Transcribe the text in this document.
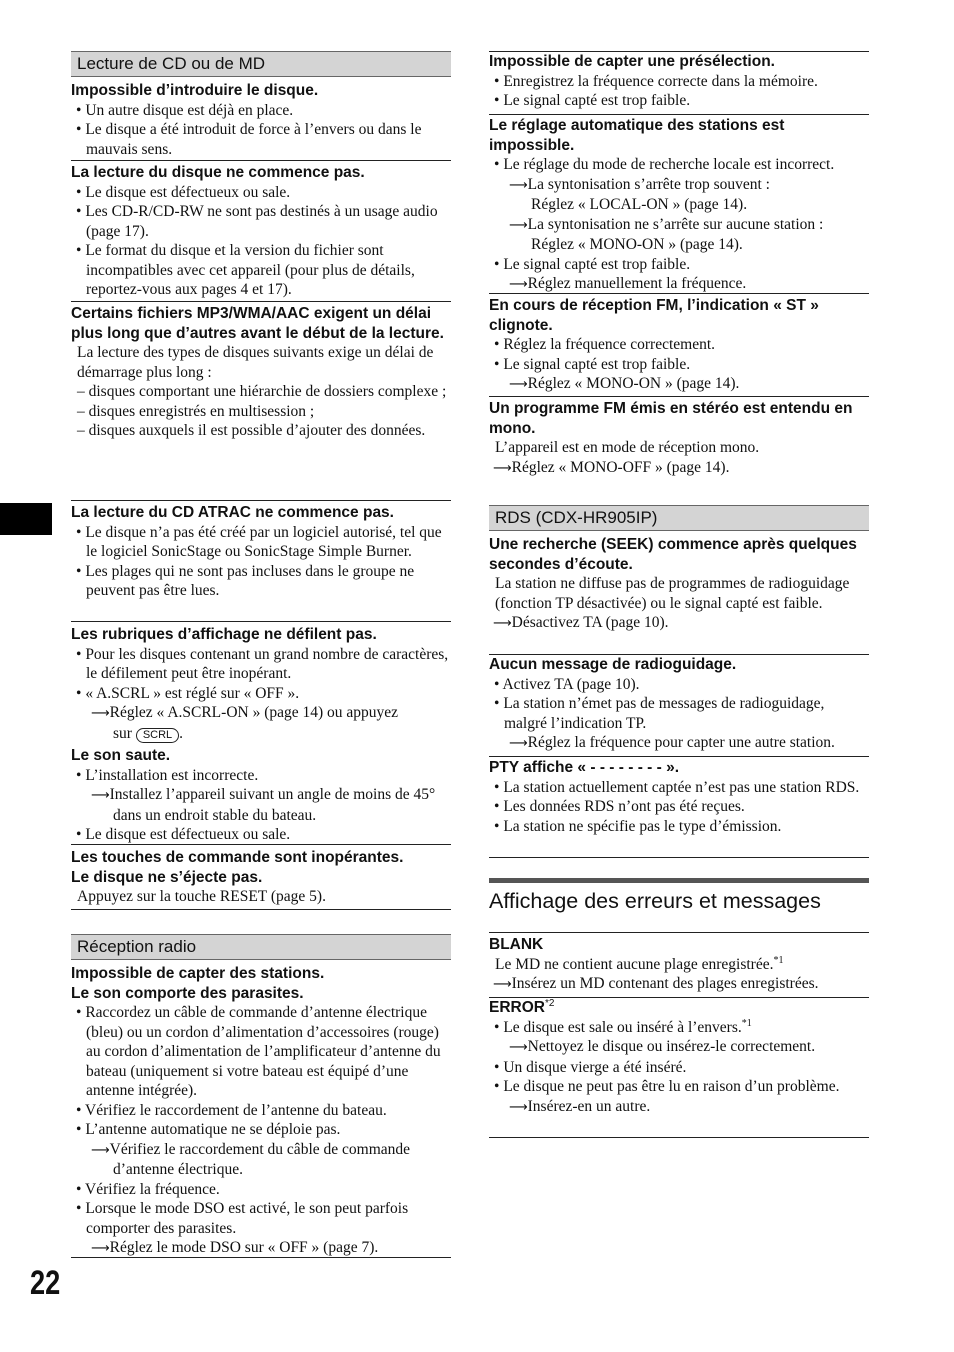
22
Lecture de CD ou de MD

Impossible d’introduire le disque.

• Un autre disque est déjà en place.

• Le disque a été introduit de force à l’envers ou dans le mauvais sens.

La lecture du disque ne commence pas.

• Le disque est défectueux ou sale.

• Les CD-R/CD-RW ne sont pas destinés à un usage audio (page 17).

• Le format du disque et la version du fichier sont incompatibles avec cet appareil (pour plus de détails, reportez-vous aux pages 4 et 17).

Certains fichiers MP3/WMA/AAC exigent un délai plus long que d’autres avant le début de la lecture.

La lecture des types de disques suivants exige un délai de démarrage plus long :

– disques comportant une hiérarchie de dossiers complexe ;

– disques enregistrés en multisession ;

– disques auxquels il est possible d’ajouter des données.

La lecture du CD ATRAC ne commence pas.

• Le disque n’a pas été créé par un logiciel autorisé, tel que le logiciel SonicStage ou SonicStage Simple Burner.

• Les plages qui ne sont pas incluses dans le groupe ne peuvent pas être lues.

Les rubriques d’affichage ne défilent pas.

• Pour les disques contenant un grand nombre de caractères, le défilement peut être inopérant.

• « A.SCRL » est réglé sur « OFF ».

⟶Réglez « A.SCRL-ON » (page 14) ou appuyez

sur SCRL .

Le son saute.

• L’installation est incorrecte.

⟶Installez l’appareil suivant un angle de moins de 45° dans un endroit stable du bateau.

• Le disque est défectueux ou sale.

Les touches de commande sont inopérantes.

Le disque ne s’éjecte pas.

Appuyez sur la touche RESET (page 5).

Réception radio

Impossible de capter des stations.

Le son comporte des parasites.

• Raccordez un câble de commande d’antenne électrique (bleu) ou un cordon d’alimentation d’accessoires (rouge) au cordon d’alimentation de l’amplificateur d’antenne du bateau (uniquement si votre bateau est équipé d’une antenne intégrée).

• Vérifiez le raccordement de l’antenne du bateau.

• L’antenne automatique ne se déploie pas.

⟶Vérifiez le raccordement du câble de commande d’antenne électrique.

• Vérifiez la fréquence.

• Lorsque le mode DSO est activé, le son peut parfois comporter des parasites.

⟶Réglez le mode DSO sur « OFF » (page 7).

Impossible de capter une présélection.

• Enregistrez la fréquence correcte dans la mémoire.

• Le signal capté est trop faible.

Le réglage automatique des stations est impossible.

• Le réglage du mode de recherche locale est incorrect.

⟶La syntonisation s’arrête trop souvent :

Réglez « LOCAL-ON » (page 14).

⟶La syntonisation ne s’arrête sur aucune station :

Réglez « MONO-ON » (page 14).

• Le signal capté est trop faible.

⟶Réglez manuellement la fréquence.

En cours de réception FM, l’indication « ST » clignote.

• Réglez la fréquence correctement.

• Le signal capté est trop faible.

⟶Réglez « MONO-ON » (page 14).

Un programme FM émis en stéréo est entendu en mono.

L’appareil est en mode de réception mono.

⟶Réglez « MONO-OFF » (page 14).

RDS (CDX-HR905IP)

Une recherche (SEEK) commence après quelques secondes d’écoute.

La station ne diffuse pas de programmes de radioguidage (fonction TP désactivée) ou le signal capté est faible.

⟶Désactivez TA (page 10).

Aucun message de radioguidage.

• Activez TA (page 10).

• La station n’émet pas de messages de radioguidage, malgré l’indication TP.

⟶Réglez la fréquence pour capter une autre station.

PTY affiche « - - - - - - - - ».

• La station actuellement captée n’est pas une station RDS.

• Les données RDS n’ont pas été reçues.

• La station ne spécifie pas le type d’émission.

Affichage des erreurs et messages

BLANK

Le MD ne contient aucune plage enregistrée.$^{*1}$

⟶Insérez un MD contenant des plages enregistrées.

ERROR$^{*2}$

• Le disque est sale ou inséré à l’envers.$^{*1}$

⟶Nettoyez le disque ou insérez-le correctement.

• Un disque vierge a été inséré.

• Le disque ne peut pas être lu en raison d’un problème.

⟶Insérez-en un autre.
